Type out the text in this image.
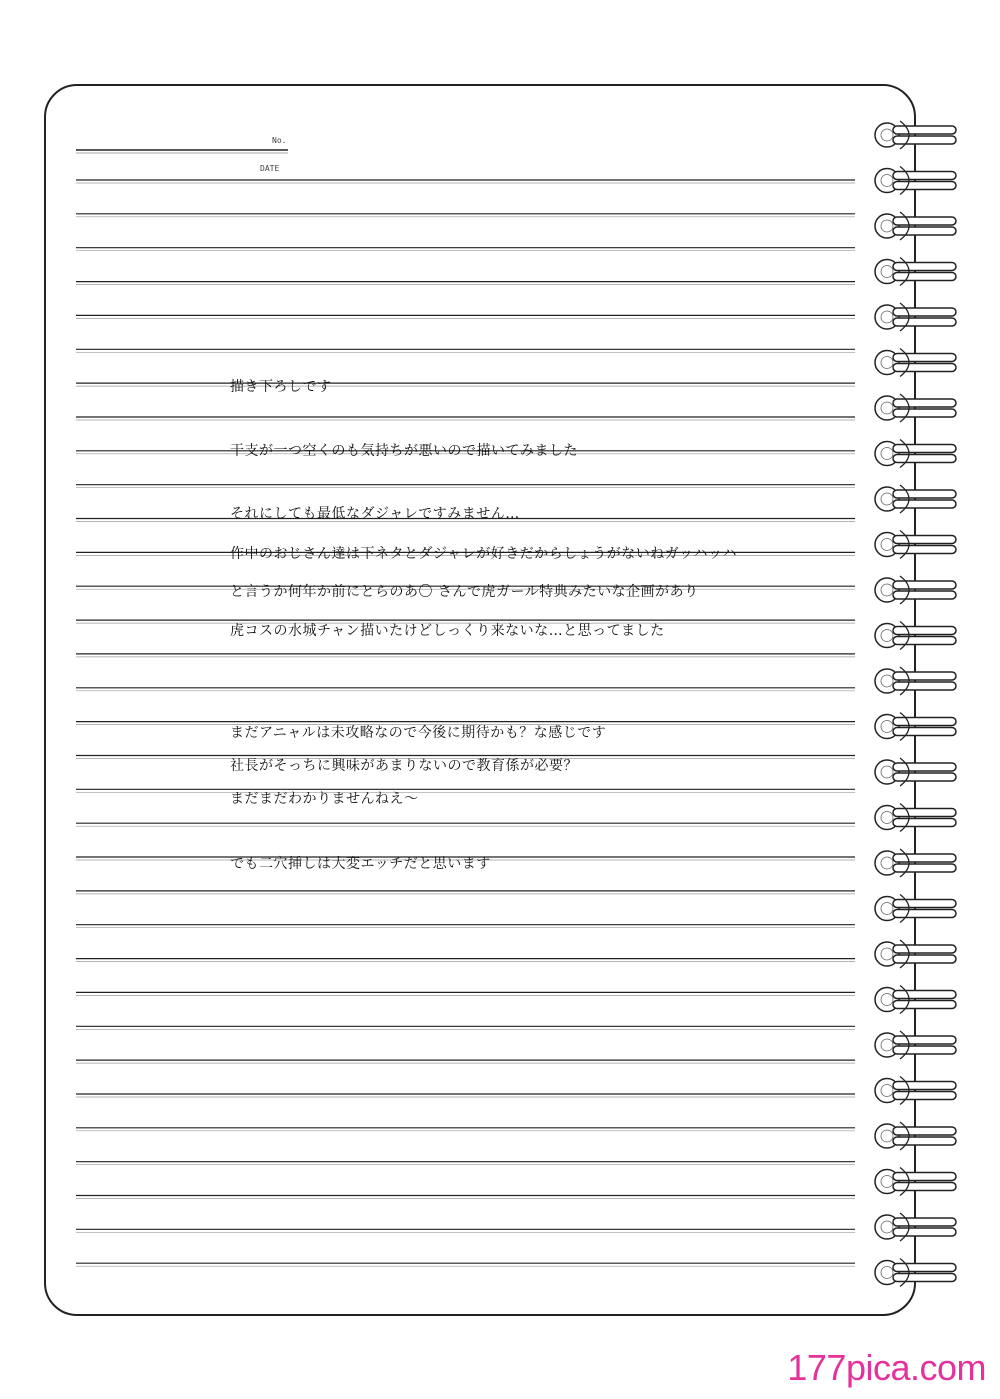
No.
DATE
描き下ろしです
干支が一つ空くのも気持ちが悪いので描いてみました
それにしても最低なダジャレですみません…
作中のおじさん達は下ネタとダジャレが好きだからしょうがないねガッハッハ
と言うか何年か前にとらのあ〇 さんで虎ガール特典みたいな企画があり
虎コスの水城チャン描いたけどしっくり来ないな…と思ってました
まだアニャルは未攻略なので今後に期待かも？な感じです
社長がそっちに興味があまりないので教育係が必要？
まだまだわかりませんねえ〜
でも二穴挿しは大変エッチだと思います
177pica.com
